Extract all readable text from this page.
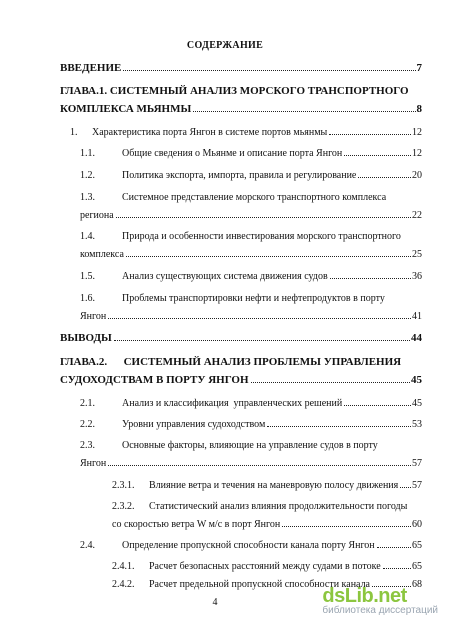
СОДЕРЖАНИЕ
ВВЕДЕНИЕ	7
ГЛАВА.1. СИСТЕМНЫЙ АНАЛИЗ МОРСКОГО ТРАНСПОРТНОГО
КОМПЛЕКСА МЬЯНМЫ	8
1.	Характеристика порта Янгон в системе портов мьянмы	12
1.1.	Общие сведения о Мьянме и описание порта Янгон	12
1.2.	Политика экспорта, импорта, правила и регулирование	20
1.3.	Системное представление морского транспортного комплекса
региона	22
1.4.	Природа и особенности инвестирования морского транспортного
комплекса	25
1.5.	Анализ существующих система движения судов	36
1.6.	Проблемы транспортировки нефти и нефтепродуктов в порту
Янгон	41
ВЫВОДЫ	44
ГЛАВА.2.      СИСТЕМНЫЙ АНАЛИЗ ПРОБЛЕМЫ УПРАВЛЕНИЯ
СУДОХОДСТВАМ В ПОРТУ ЯНГОН	45
2.1.	Анализ и классификация  управленческих решений	45
2.2.	Уровни управления судоходством	53
2.3.	Основные факторы, влияющие на управление судов в порту
Янгон	57
2.3.1.	Влияние ветра и течения на маневровую полосу движения 57
2.3.2. Статистический анализ влияния продолжительности погоды
со скоростью ветра W м/с в порт Янгон	60
2.4.	Определение пропускной способности канала порту Янгон	65
2.4.1.	Расчет безопасных расстояний между судами в потоке	65
2.4.2.	Расчет предельной пропускной способности канала	68
4	dsLib.net
библиотека диссертаций
